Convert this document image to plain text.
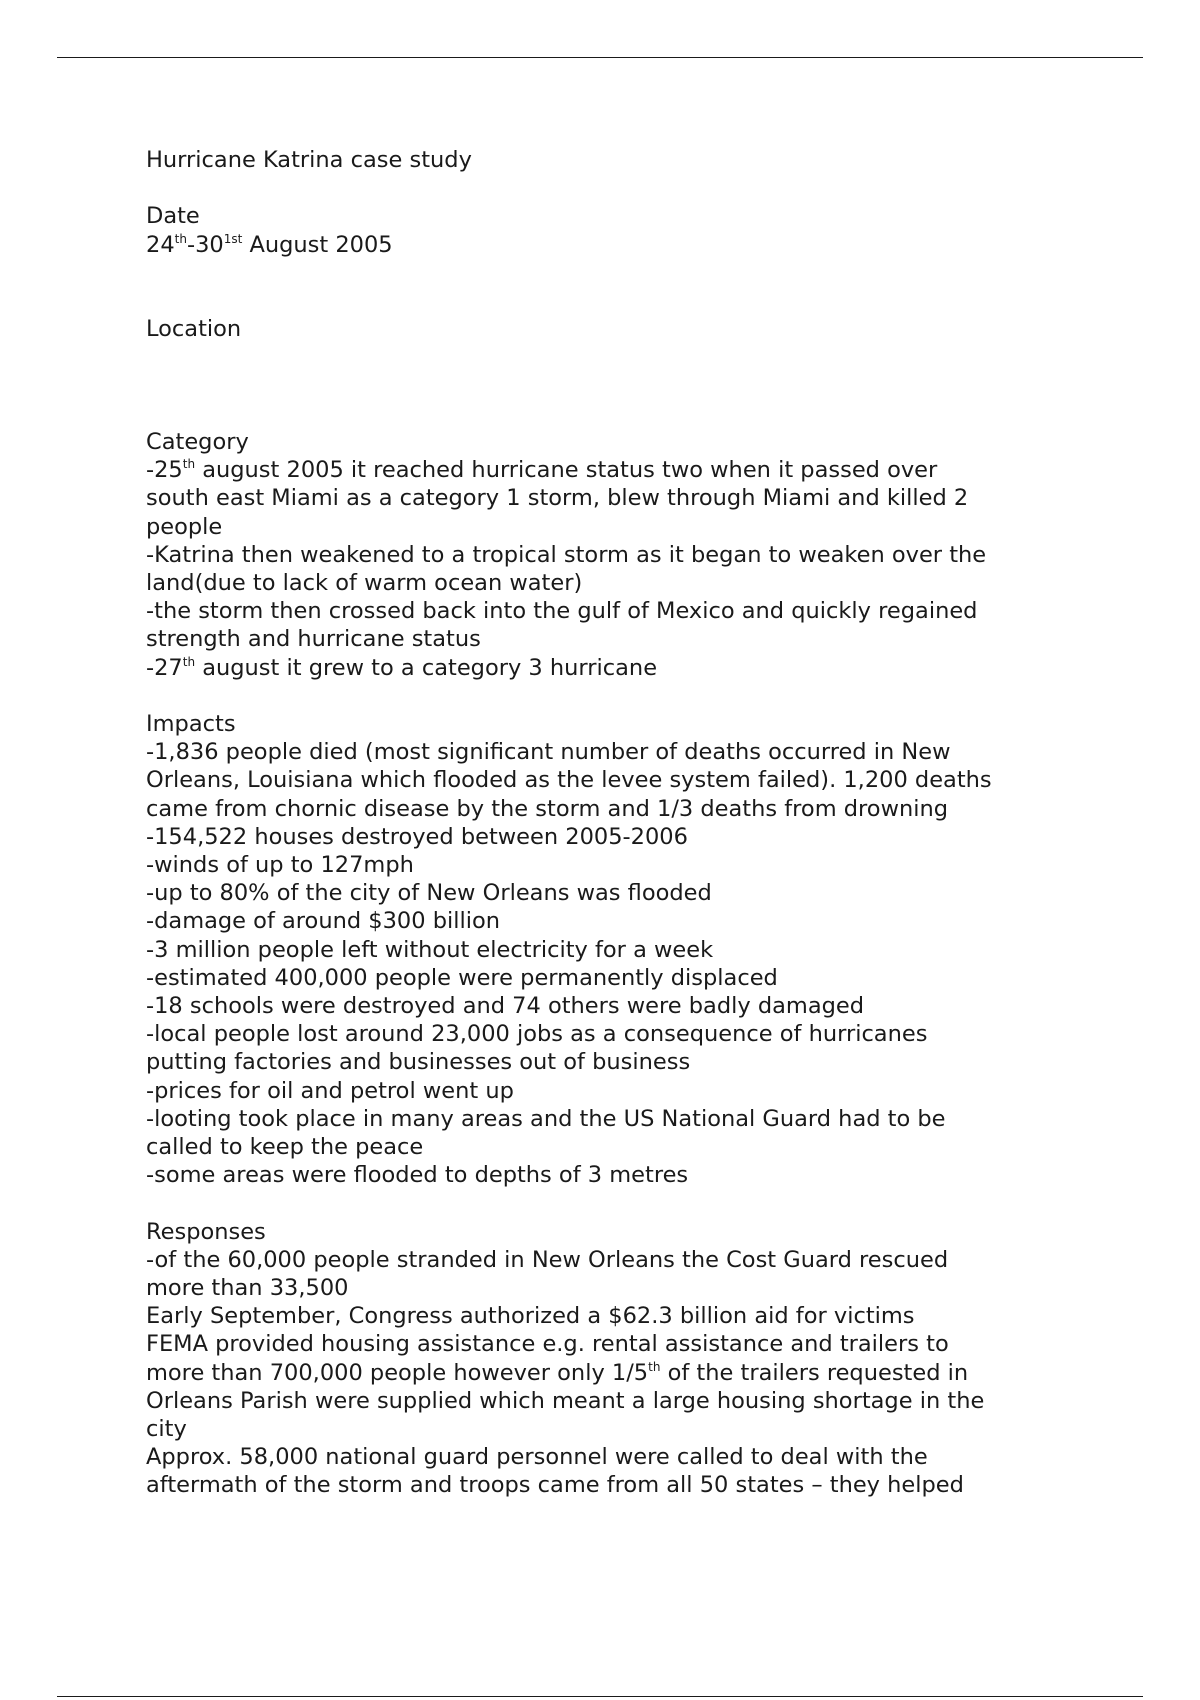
Hurricane Katrina case study
Date
$24th-30^{1st}$ August 2005
Location
Category
-25th august 2005 it reached hurricane status two when it passed over
south east Miami as a category 1 storm, blew through Miami and killed 2
people
-Katrina then weakened to a tropical storm as it began to weaken over the
land(due to lack of warm ocean water)
-the storm then crossed back into the gulf of Mexico and quickly regained
strength and hurricane status
-27th august it grew to a category 3 hurricane
Impacts
-1,836 people died (most significant number of deaths occurred in New
Orleans, Louisiana which flooded as the levee system failed). 1,200 deaths
came from chornic disease by the storm and 1/3 deaths from drowning
-154,522 houses destroyed between 2005-2006
-winds of up to 127mph
-up to 80% of the city of New Orleans was flooded
-damage of around $300 billion
-3 million people left without electricity for a week
-estimated 400,000 people were permanently displaced
-18 schools were destroyed and 74 others were badly damaged
-local people lost around 23,000 jobs as a consequence of hurricanes
putting factories and businesses out of business
-prices for oil and petrol went up
-looting took place in many areas and the US National Guard had to be
called to keep the peace
-some areas were flooded to depths of 3 metres
Responses
-of the 60,000 people stranded in New Orleans the Cost Guard rescued
more than 33,500
Early September, Congress authorized a $62.3 billion aid for victims
FEMA provided housing assistance e.g. rental assistance and trailers to
more than 700,000 people however only 1/5th of the trailers requested in
Orleans Parish were supplied which meant a large housing shortage in the
city
Approx. 58,000 national guard personnel were called to deal with the
aftermath of the storm and troops came from all 50 states – they helped
